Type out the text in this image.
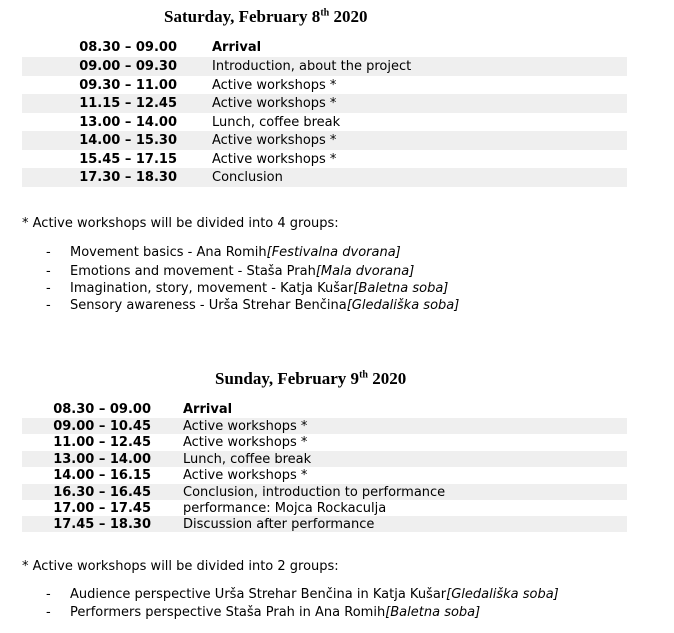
Saturday, February 8th 2020
08.30 – 09.00	Arrival
09.00 – 09.30	Introduction, about the project
09.30 – 11.00	Active workshops *
11.15 – 12.45	Active workshops *
13.00 – 14.00	Lunch, coffee break
14.00 – 15.30	Active workshops *
15.45 – 17.15	Active workshops *
17.30 – 18.30	Conclusion
* Active workshops will be divided into 4 groups:
-	Movement basics - Ana Romih [Festivalna dvorana]
-	Emotions and movement - Staša Prah [Mala dvorana]
-	Imagination, story, movement - Katja Kušar [Baletna soba]
-	Sensory awareness - Urša Strehar Benčina [Gledališka soba]
Sunday, February 9th 2020
08.30 – 09.00 Arrival
09.00 – 10.45 Active workshops *
11.00 – 12.45 Active workshops *
13.00 – 14.00 Lunch, coffee break
14.00 – 16.15 Active workshops *
16.30 – 16.45 Conclusion, introduction to performance
17.00 – 17.45 performance: Mojca Rockaculja
17.45 – 18.30 Discussion after performance
* Active workshops will be divided into 2 groups:
-	Audience perspective Urša Strehar Benčina in Katja Kušar [Gledališka soba]
-	Performers perspective Staša Prah in Ana Romih [Baletna soba]
